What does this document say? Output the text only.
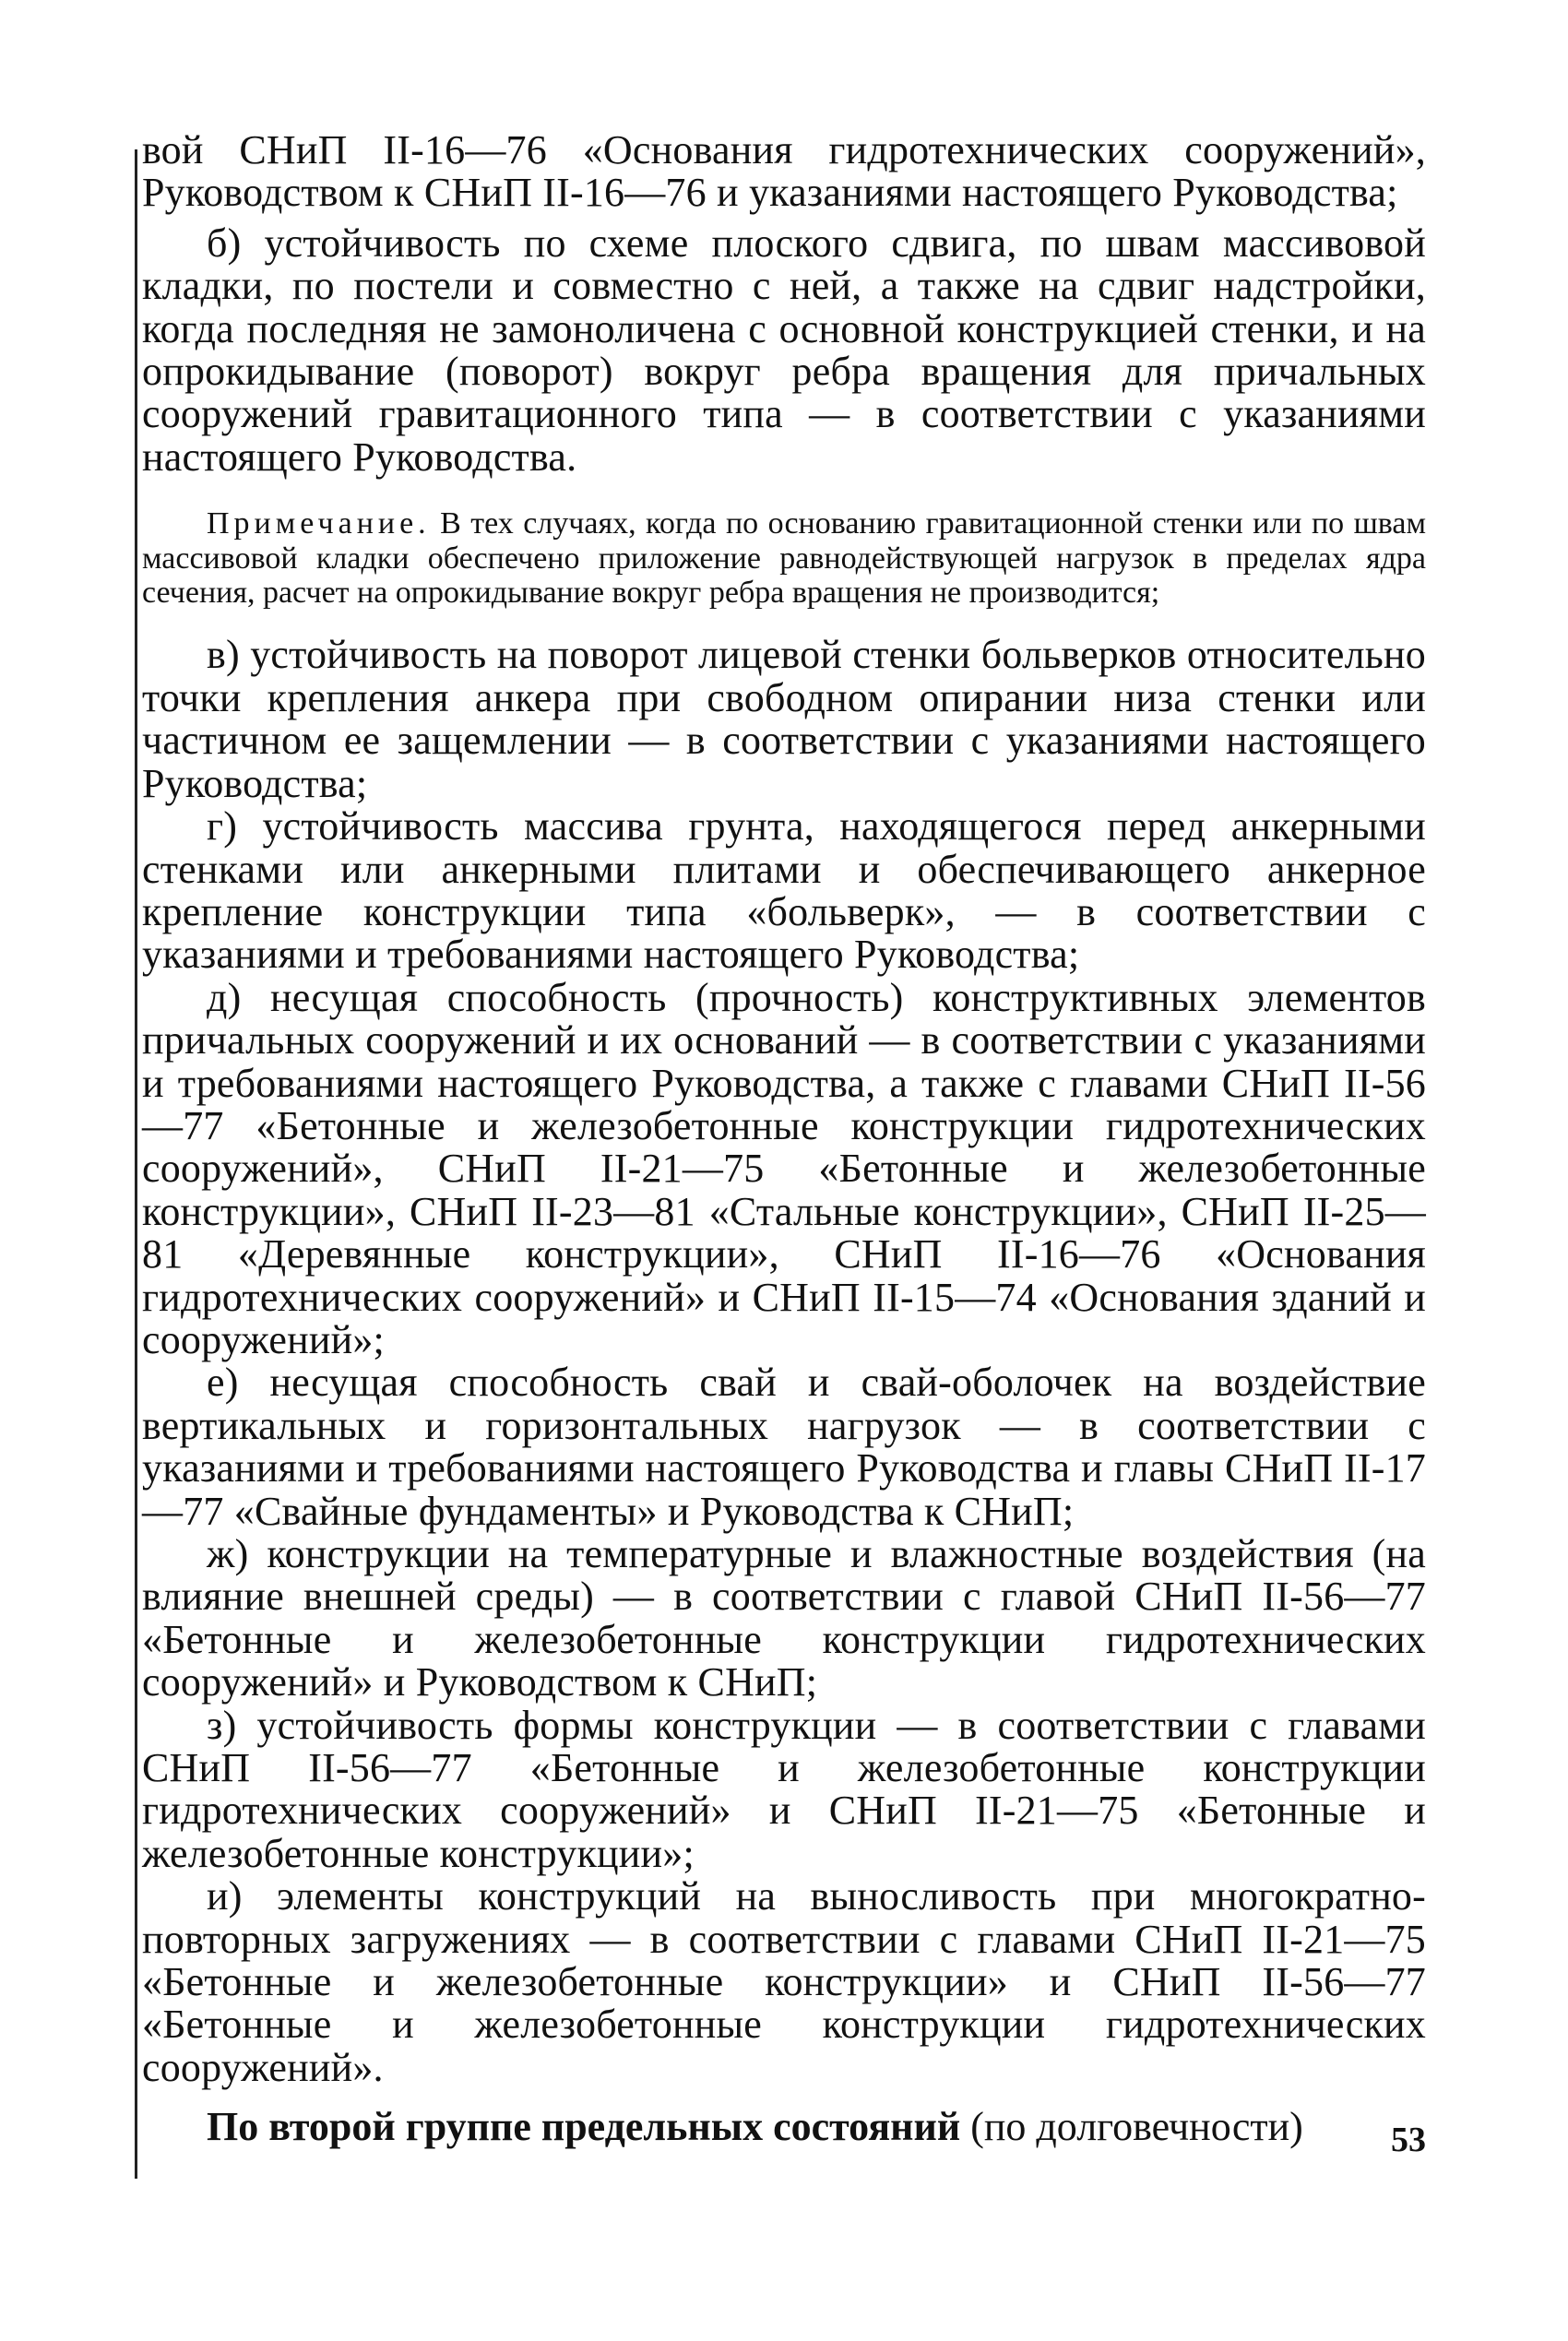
вой СНиП II-16—76 «Основания гидротехнических сооружений», Руководством к СНиП II-16—76 и указаниями настоящего Руководства;

б) устойчивость по схеме плоского сдвига, по швам массивовой кладки, по постели и совместно с ней, а также на сдвиг надстройки, когда последняя не замоноличена с основной конструкцией стенки, и на опрокидывание (поворот) вокруг ребра вращения для причальных сооружений гравитационного типа — в соответствии с указаниями настоящего Руководства.

Примечание. В тех случаях, когда по основанию гравитационной стенки или по швам массивовой кладки обеспечено приложение равнодействующей нагрузок в пределах ядра сечения, расчет на опрокидывание вокруг ребра вращения не производится;

в) устойчивость на поворот лицевой стенки больверков относительно точки крепления анкера при свободном опирании низа стенки или частичном ее защемлении — в соответствии с указаниями настоящего Руководства;

г) устойчивость массива грунта, находящегося перед анкерными стенками или анкерными плитами и обеспечивающего анкерное крепление конструкции типа «больверк», — в соответствии с указаниями и требованиями настоящего Руководства;

д) несущая способность (прочность) конструктивных элементов причальных сооружений и их оснований — в соответствии с указаниями и требованиями настоящего Руководства, а также с главами СНиП II-56—77 «Бетонные и железобетонные конструкции гидротехнических сооружений», СНиП II-21—75 «Бетонные и железобетонные конструкции», СНиП II-23—81 «Стальные конструкции», СНиП II-25—81 «Деревянные конструкции», СНиП II-16—76 «Основания гидротехнических сооружений» и СНиП II-15—74 «Основания зданий и сооружений»;

е) несущая способность свай и свай-оболочек на воздействие вертикальных и горизонтальных нагрузок — в соответствии с указаниями и требованиями настоящего Руководства и главы СНиП II-17—77 «Свайные фундаменты» и Руководства к СНиП;

ж) конструкции на температурные и влажностные воздействия (на влияние внешней среды) — в соответствии с главой СНиП II-56—77 «Бетонные и железобетонные конструкции гидротехнических сооружений» и Руководством к СНиП;

з) устойчивость формы конструкции — в соответствии с главами СНиП II-56—77 «Бетонные и железобетонные конструкции гидротехнических сооружений» и СНиП II-21—75 «Бетонные и железобетонные конструкции»;

и) элементы конструкций на выносливость при многократно-повторных загружениях — в соответствии с главами СНиП II-21—75 «Бетонные и железобетонные конструкции» и СНиП II-56—77 «Бетонные и железобетонные конструкции гидротехнических сооружений».

По второй группе предельных состояний (по долговечности)	53
